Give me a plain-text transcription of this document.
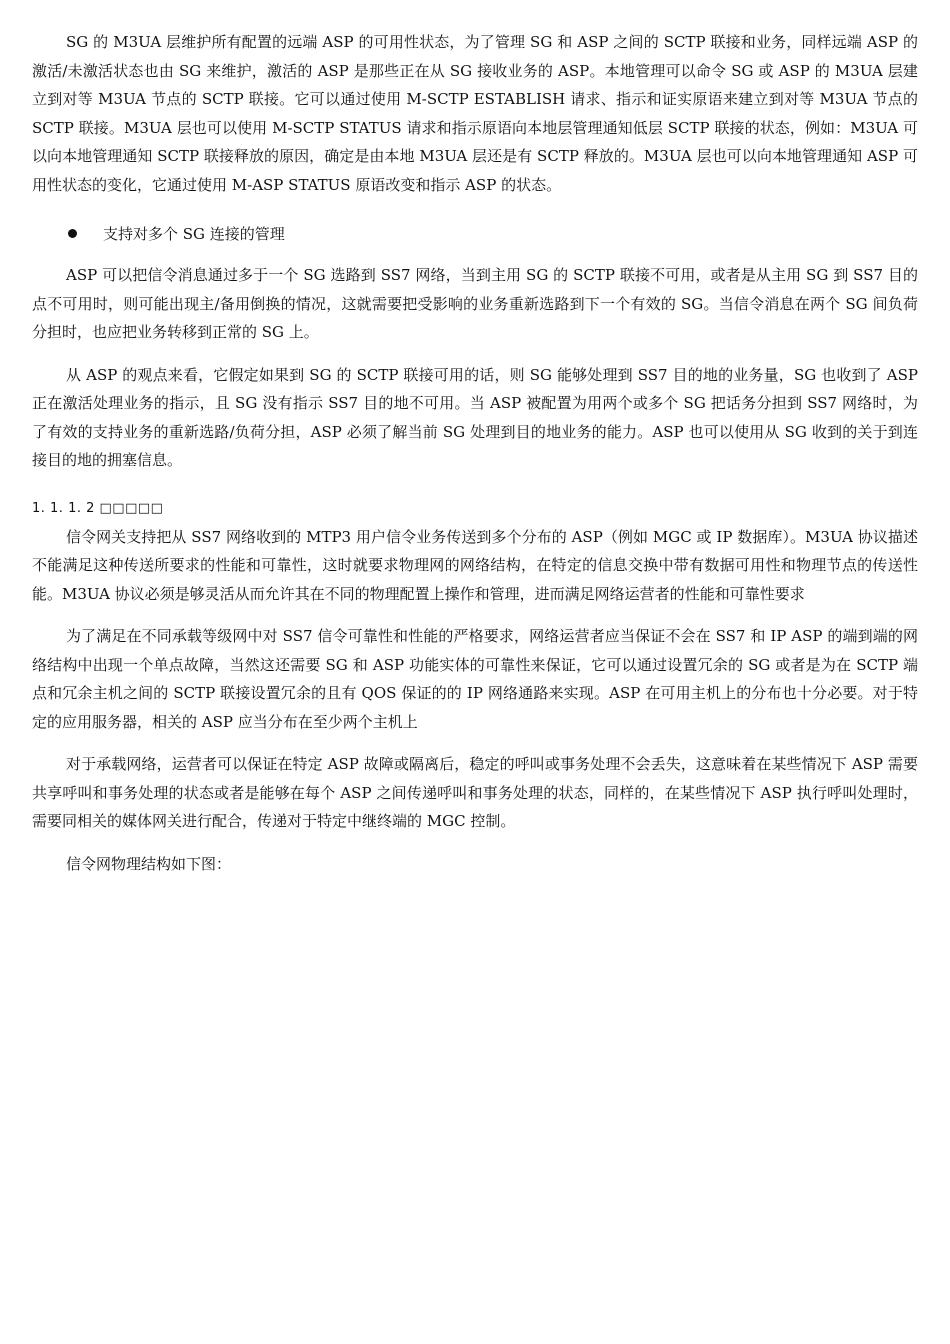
SG 的 M3UA 层维护所有配置的远端 ASP 的可用性状态，为了管理 SG 和 ASP 之间的 SCTP 联接和业务，同样远端 ASP 的激活/未激活状态也由 SG 来维护，激活的 ASP 是那些正在从 SG 接收业务的 ASP。本地管理可以命令 SG 或 ASP 的 M3UA 层建立到对等 M3UA 节点的 SCTP 联接。它可以通过使用 M-SCTP ESTABLISH 请求、指示和证实原语来建立到对等 M3UA 节点的 SCTP 联接。M3UA 层也可以使用 M-SCTP STATUS 请求和指示原语向本地层管理通知低层 SCTP 联接的状态，例如：M3UA 可以向本地管理通知 SCTP 联接释放的原因，确定是由本地 M3UA 层还是有 SCTP 释放的。M3UA 层也可以向本地管理通知 ASP 可用性状态的变化，它通过使用 M-ASP STATUS 原语改变和指示 ASP 的状态。

支持对多个 SG 连接的管理

ASP 可以把信令消息通过多于一个 SG 选路到 SS7 网络，当到主用 SG 的 SCTP 联接不可用，或者是从主用 SG 到 SS7 目的点不可用时，则可能出现主/备用倒换的情况，这就需要把受影响的业务重新选路到下一个有效的 SG。当信令消息在两个 SG 间负荷分担时，也应把业务转移到正常的 SG 上。

从 ASP 的观点来看，它假定如果到 SG 的 SCTP 联接可用的话，则 SG 能够处理到 SS7 目的地的业务量，SG 也收到了 ASP 正在激活处理业务的指示，且 SG 没有指示 SS7 目的地不可用。当 ASP 被配置为用两个或多个 SG 把话务分担到 SS7 网络时，为了有效的支持业务的重新选路/负荷分担，ASP 必须了解当前 SG 处理到目的地业务的能力。ASP 也可以使用从 SG 收到的关于到连接目的地的拥塞信息。

1. 1. 1. 2 □□□□□

信令网关支持把从 SS7 网络收到的 MTP3 用户信令业务传送到多个分布的 ASP（例如 MGC 或 IP 数据库）。M3UA 协议描述不能满足这种传送所要求的性能和可靠性，这时就要求物理网的网络结构，在特定的信息交换中带有数据可用性和物理节点的传送性能。M3UA 协议必须是够灵活从而允许其在不同的物理配置上操作和管理，进而满足网络运营者的性能和可靠性要求

为了满足在不同承载等级网中对 SS7 信令可靠性和性能的严格要求，网络运营者应当保证不会在 SS7 和 IP ASP 的端到端的网络结构中出现一个单点故障，当然这还需要 SG 和 ASP 功能实体的可靠性来保证，它可以通过设置冗余的 SG 或者是为在 SCTP 端点和冗余主机之间的 SCTP 联接设置冗余的且有 QOS 保证的的 IP 网络通路来实现。ASP 在可用主机上的分布也十分必要。对于特定的应用服务器，相关的 ASP 应当分布在至少两个主机上

对于承载网络，运营者可以保证在特定 ASP 故障或隔离后，稳定的呼叫或事务处理不会丢失，这意味着在某些情况下 ASP 需要共享呼叫和事务处理的状态或者是能够在每个 ASP 之间传递呼叫和事务处理的状态，同样的，在某些情况下 ASP 执行呼叫处理时，需要同相关的媒体网关进行配合，传递对于特定中继终端的 MGC 控制。

信令网物理结构如下图：
